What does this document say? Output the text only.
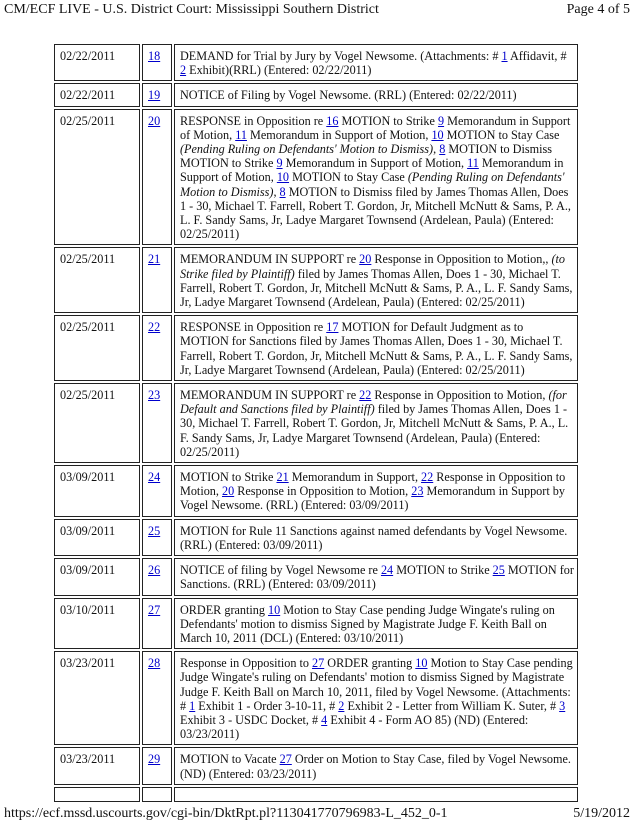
CM/ECF LIVE - U.S. District Court: Mississippi Southern District	Page 4 of 5
02/22/2011	18	DEMAND for Trial by Jury by Vogel Newsome. (Attachments: # 1 Affidavit, # 2 Exhibit)(RRL) (Entered: 02/22/2011)
02/22/2011	19	NOTICE of Filing by Vogel Newsome. (RRL) (Entered: 02/22/2011)
02/25/2011	20	RESPONSE in Opposition re 16 MOTION to Strike 9 Memorandum in Support of Motion, 11 Memorandum in Support of Motion, 10 MOTION to Stay Case (Pending Ruling on Defendants' Motion to Dismiss), 8 MOTION to Dismiss MOTION to Strike 9 Memorandum in Support of Motion, 11 Memorandum in Support of Motion, 10 MOTION to Stay Case (Pending Ruling on Defendants' Motion to Dismiss), 8 MOTION to Dismiss filed by James Thomas Allen, Does 1 - 30, Michael T. Farrell, Robert T. Gordon, Jr, Mitchell McNutt & Sams, P. A., L. F. Sandy Sams, Jr, Ladye Margaret Townsend (Ardelean, Paula) (Entered: 02/25/2011)
02/25/2011	21	MEMORANDUM IN SUPPORT re 20 Response in Opposition to Motion,, (to Strike filed by Plaintiff) filed by James Thomas Allen, Does 1 - 30, Michael T. Farrell, Robert T. Gordon, Jr, Mitchell McNutt & Sams, P. A., L. F. Sandy Sams, Jr, Ladye Margaret Townsend (Ardelean, Paula) (Entered: 02/25/2011)
02/25/2011	22	RESPONSE in Opposition re 17 MOTION for Default Judgment as to MOTION for Sanctions filed by James Thomas Allen, Does 1 - 30, Michael T. Farrell, Robert T. Gordon, Jr, Mitchell McNutt & Sams, P. A., L. F. Sandy Sams, Jr, Ladye Margaret Townsend (Ardelean, Paula) (Entered: 02/25/2011)
02/25/2011	23	MEMORANDUM IN SUPPORT re 22 Response in Opposition to Motion, (for Default and Sanctions filed by Plaintiff) filed by James Thomas Allen, Does 1 - 30, Michael T. Farrell, Robert T. Gordon, Jr, Mitchell McNutt & Sams, P. A., L. F. Sandy Sams, Jr, Ladye Margaret Townsend (Ardelean, Paula) (Entered: 02/25/2011)
03/09/2011	24	MOTION to Strike 21 Memorandum in Support, 22 Response in Opposition to Motion, 20 Response in Opposition to Motion, 23 Memorandum in Support by Vogel Newsome. (RRL) (Entered: 03/09/2011)
03/09/2011	25	MOTION for Rule 11 Sanctions against named defendants by Vogel Newsome. (RRL) (Entered: 03/09/2011)
03/09/2011	26	NOTICE of filing by Vogel Newsome re 24 MOTION to Strike 25 MOTION for Sanctions. (RRL) (Entered: 03/09/2011)
03/10/2011	27	ORDER granting 10 Motion to Stay Case pending Judge Wingate's ruling on Defendants' motion to dismiss Signed by Magistrate Judge F. Keith Ball on March 10, 2011 (DCL) (Entered: 03/10/2011)
03/23/2011	28	Response in Opposition to 27 ORDER granting 10 Motion to Stay Case pending Judge Wingate's ruling on Defendants' motion to dismiss Signed by Magistrate Judge F. Keith Ball on March 10, 2011, filed by Vogel Newsome. (Attachments: # 1 Exhibit 1 - Order 3-10-11, # 2 Exhibit 2 - Letter from William K. Suter, # 3 Exhibit 3 - USDC Docket, # 4 Exhibit 4 - Form AO 85) (ND) (Entered: 03/23/2011)
03/23/2011	29	MOTION to Vacate 27 Order on Motion to Stay Case, filed by Vogel Newsome. (ND) (Entered: 03/23/2011)

https://ecf.mssd.uscourts.gov/cgi-bin/DktRpt.pl?113041770796983-L_452_0-1	5/19/2012
